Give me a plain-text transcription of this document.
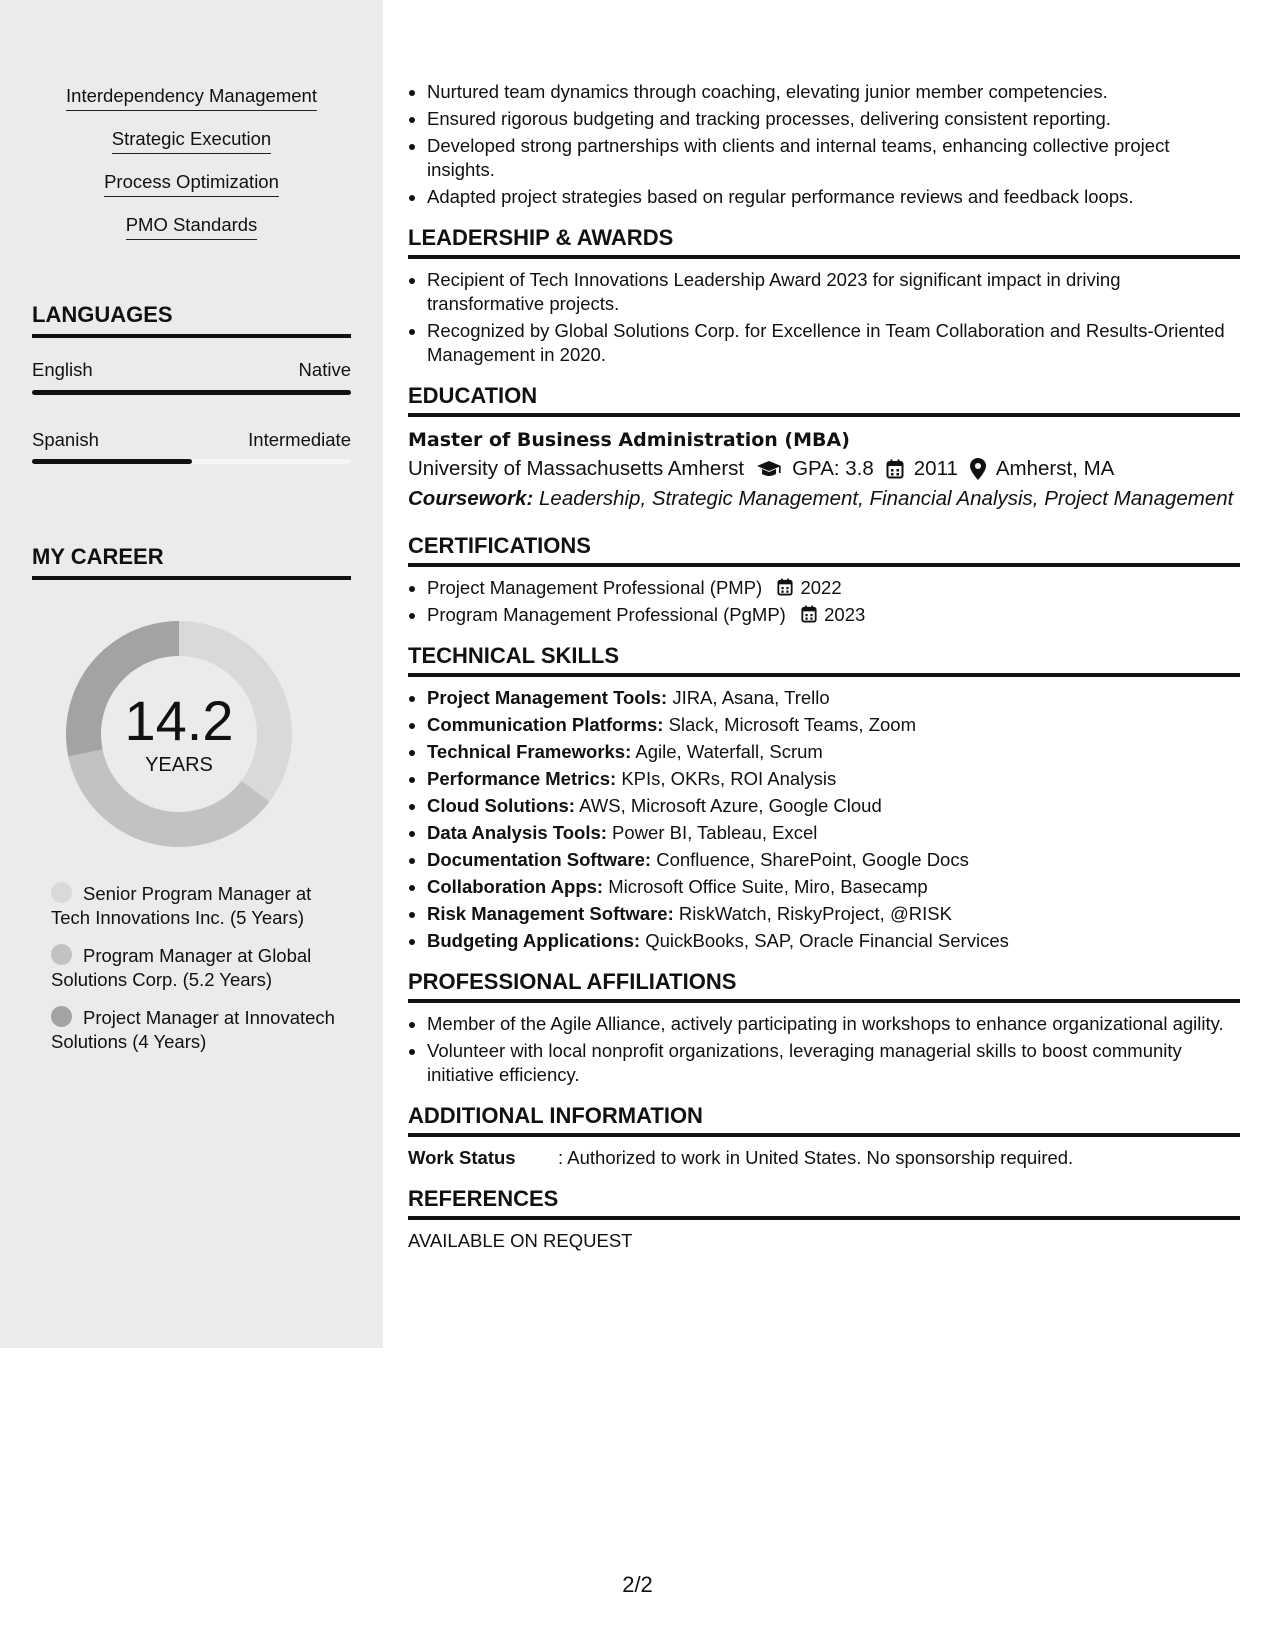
Interdependency Management
Strategic Execution
Process Optimization
PMO Standards
LANGUAGES
English	Native
Spanish	Intermediate
MY CAREER
14.2
YEARS
Senior Program Manager at Tech Innovations Inc. (5 Years)
Program Manager at Global Solutions Corp. (5.2 Years)
Project Manager at Innovatech Solutions (4 Years)
• Nurtured team dynamics through coaching, elevating junior member competencies.
• Ensured rigorous budgeting and tracking processes, delivering consistent reporting.
• Developed strong partnerships with clients and internal teams, enhancing collective project insights.
• Adapted project strategies based on regular performance reviews and feedback loops.
LEADERSHIP & AWARDS
• Recipient of Tech Innovations Leadership Award 2023 for significant impact in driving transformative projects.
• Recognized by Global Solutions Corp. for Excellence in Team Collaboration and Results-Oriented Management in 2020.
EDUCATION
Master of Business Administration (MBA)
University of Massachusetts Amherst GPA: 3.8 2011 Amherst, MA
Coursework: Leadership, Strategic Management, Financial Analysis, Project Management
CERTIFICATIONS
• Project Management Professional (PMP) 2022
• Program Management Professional (PgMP) 2023
TECHNICAL SKILLS
• Project Management Tools: JIRA, Asana, Trello
• Communication Platforms: Slack, Microsoft Teams, Zoom
• Technical Frameworks: Agile, Waterfall, Scrum
• Performance Metrics: KPIs, OKRs, ROI Analysis
• Cloud Solutions: AWS, Microsoft Azure, Google Cloud
• Data Analysis Tools: Power BI, Tableau, Excel
• Documentation Software: Confluence, SharePoint, Google Docs
• Collaboration Apps: Microsoft Office Suite, Miro, Basecamp
• Risk Management Software: RiskWatch, RiskyProject, @RISK
• Budgeting Applications: QuickBooks, SAP, Oracle Financial Services
PROFESSIONAL AFFILIATIONS
• Member of the Agile Alliance, actively participating in workshops to enhance organizational agility.
• Volunteer with local nonprofit organizations, leveraging managerial skills to boost community initiative efficiency.
ADDITIONAL INFORMATION
Work Status	: Authorized to work in United States. No sponsorship required.
REFERENCES
AVAILABLE ON REQUEST
2/2
